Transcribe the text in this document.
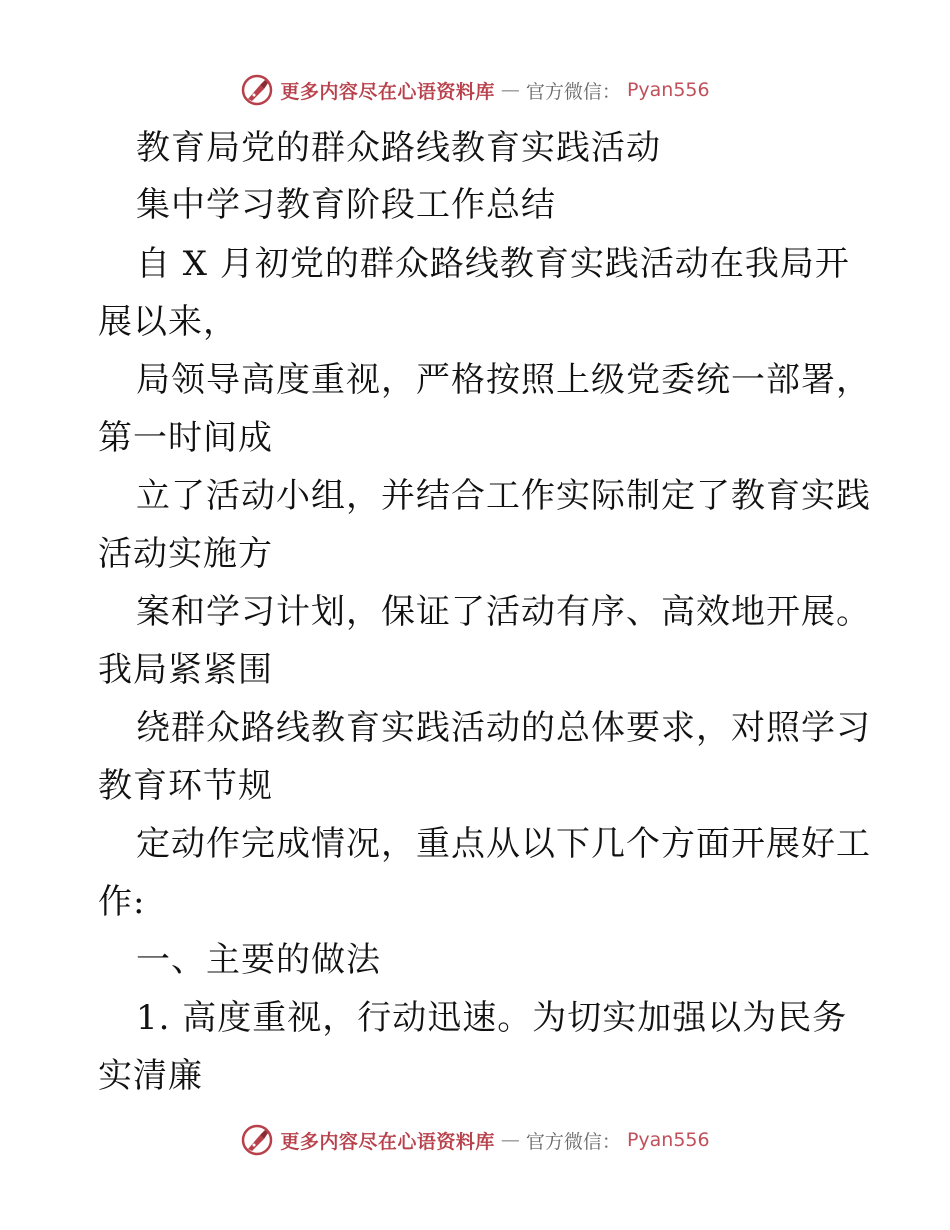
更多内容尽在心语资料库 — 官方微信： Pyan556
教育局党的群众路线教育实践活动
集中学习教育阶段工作总结
自 X 月初党的群众路线教育实践活动在我局开
展以来，
局领导高度重视，严格按照上级党委统一部署，
第一时间成
立了活动小组，并结合工作实际制定了教育实践
活动实施方
案和学习计划，保证了活动有序、高效地开展。
我局紧紧围
绕群众路线教育实践活动的总体要求，对照学习
教育环节规
定动作完成情况，重点从以下几个方面开展好工
作:
一、主要的做法
1. 高度重视，行动迅速。为切实加强以为民务
实清廉
更多内容尽在心语资料库 — 官方微信： Pyan556
